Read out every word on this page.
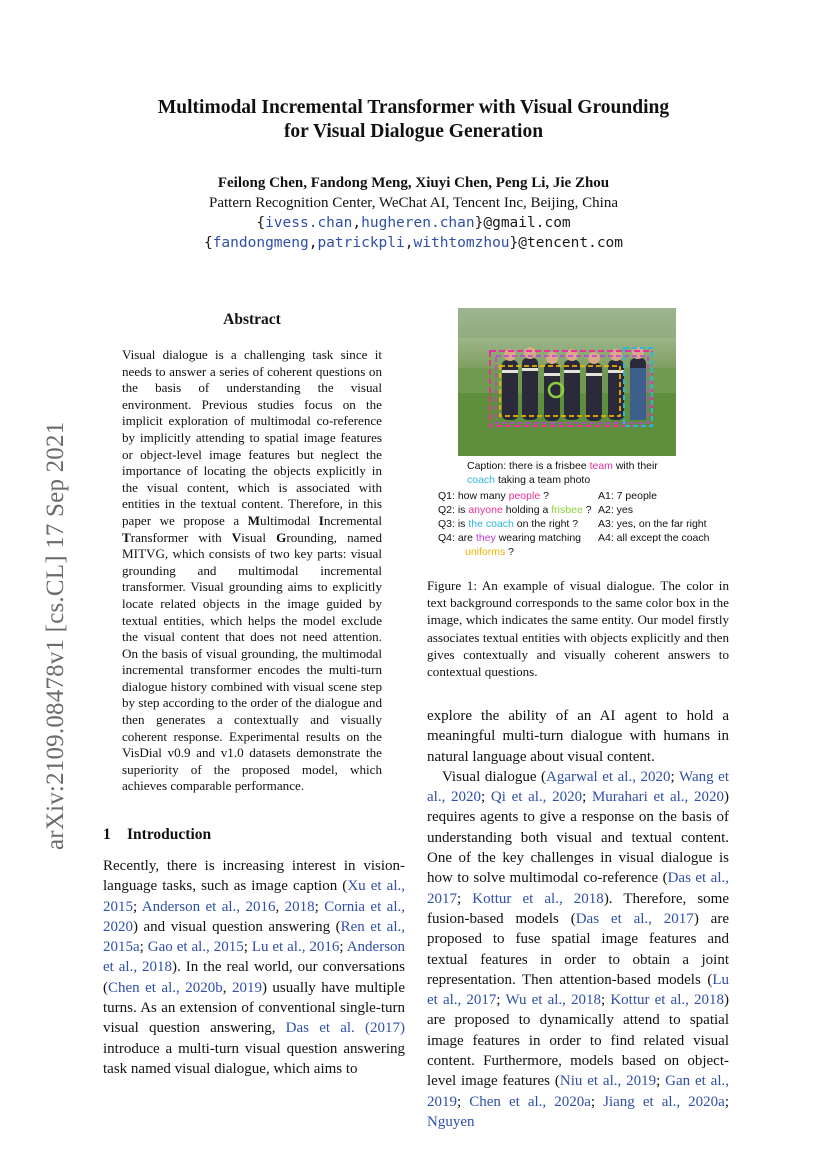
arXiv:2109.08478v1 [cs.CL] 17 Sep 2021
Multimodal Incremental Transformer with Visual Grounding
for Visual Dialogue Generation
Feilong Chen, Fandong Meng, Xiuyi Chen, Peng Li, Jie Zhou
Pattern Recognition Center, WeChat AI, Tencent Inc, Beijing, China
{ivess.chan,hugheren.chan}@gmail.com
{fandongmeng,patrickpli,withtomzhou}@tencent.com
Abstract
Visual dialogue is a challenging task since it needs to answer a series of coherent questions on the basis of understanding the visual environment. Previous studies focus on the implicit exploration of multimodal co-reference by implicitly attending to spatial image features or object-level image features but neglect the importance of locating the objects explicitly in the visual content, which is associated with entities in the textual content. Therefore, in this paper we propose a Multimodal Incremental Transformer with Visual Grounding, named MITVG, which consists of two key parts: visual grounding and multimodal incremental transformer. Visual grounding aims to explicitly locate related objects in the image guided by textual entities, which helps the model exclude the visual content that does not need attention. On the basis of visual grounding, the multimodal incremental transformer encodes the multi-turn dialogue history combined with visual scene step by step according to the order of the dialogue and then generates a contextually and visually coherent response. Experimental results on the VisDial v0.9 and v1.0 datasets demonstrate the superiority of the proposed model, which achieves comparable performance.
1 Introduction
Recently, there is increasing interest in vision-language tasks, such as image caption (Xu et al., 2015; Anderson et al., 2016, 2018; Cornia et al., 2020) and visual question answering (Ren et al., 2015a; Gao et al., 2015; Lu et al., 2016; Anderson et al., 2018). In the real world, our conversations (Chen et al., 2020b, 2019) usually have multiple turns. As an extension of conventional single-turn visual question answering, Das et al. (2017) introduce a multi-turn visual question answering task named visual dialogue, which aims to
Caption: there is a frisbee team with their
coach taking a team photo
Q1: how many people ?
Q2: is anyone holding a frisbee ?
Q3: is the coach on the right ?
Q4: are they wearing matching
uniforms ?
A1: 7 people
A2: yes
A3: yes, on the far right
A4: all except the coach
Figure 1: An example of visual dialogue. The color in text background corresponds to the same color box in the image, which indicates the same entity. Our model firstly associates textual entities with objects explicitly and then gives contextually and visually coherent answers to contextual questions.
explore the ability of an AI agent to hold a meaningful multi-turn dialogue with humans in natural language about visual content.
Visual dialogue (Agarwal et al., 2020; Wang et al., 2020; Qi et al., 2020; Murahari et al., 2020) requires agents to give a response on the basis of understanding both visual and textual content. One of the key challenges in visual dialogue is how to solve multimodal co-reference (Das et al., 2017; Kottur et al., 2018). Therefore, some fusion-based models (Das et al., 2017) are proposed to fuse spatial image features and textual features in order to obtain a joint representation. Then attention-based models (Lu et al., 2017; Wu et al., 2018; Kottur et al., 2018) are proposed to dynamically attend to spatial image features in order to find related visual content. Furthermore, models based on object-level image features (Niu et al., 2019; Gan et al., 2019; Chen et al., 2020a; Jiang et al., 2020a; Nguyen
